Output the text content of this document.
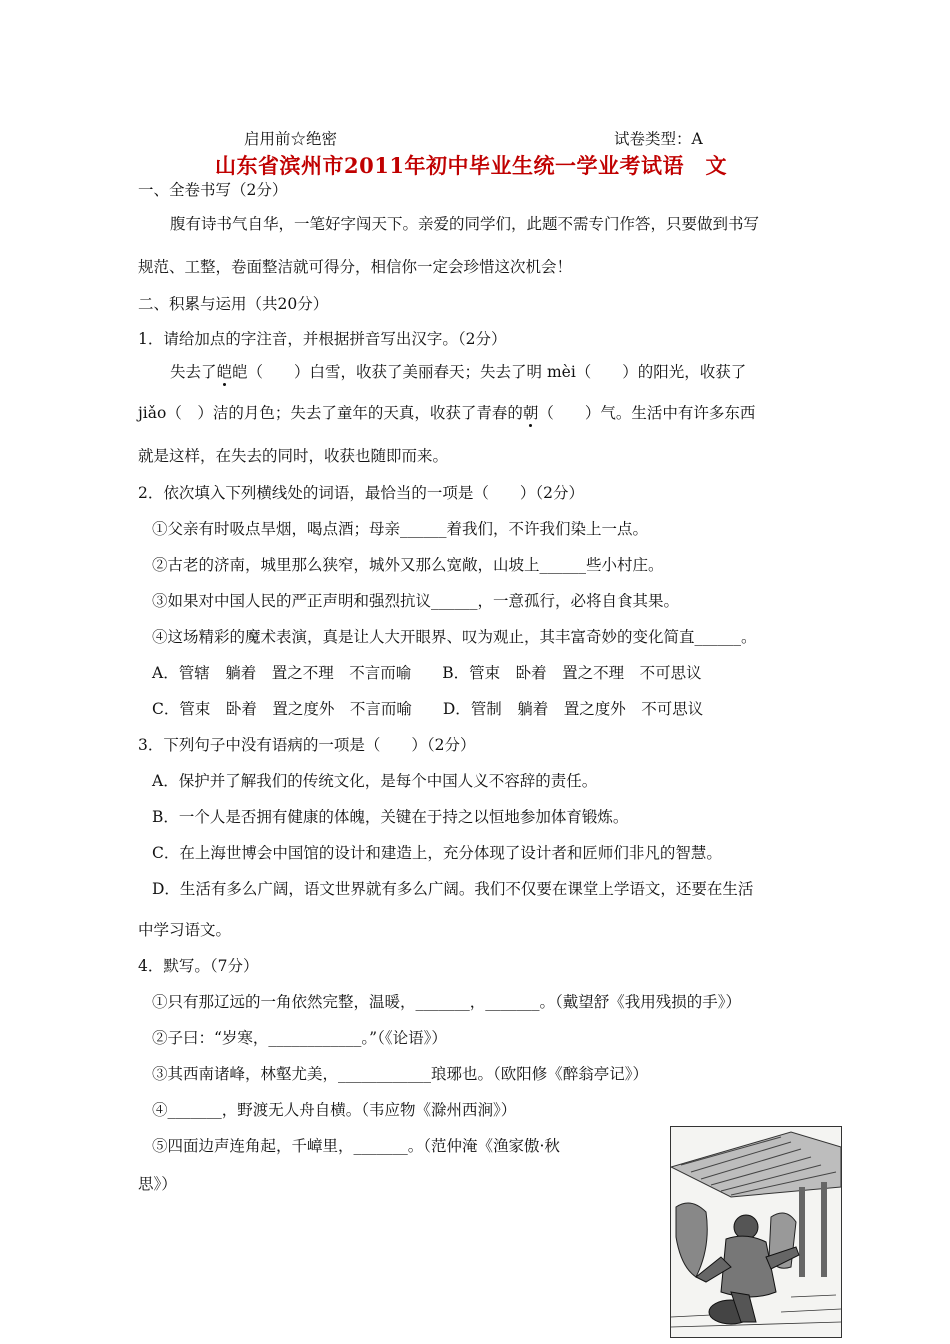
启用前☆绝密	试卷类型：A
山东省滨州市2011年初中毕业生统一学业考试语　文
一、全卷书写（2分）
腹有诗书气自华，一笔好字闯天下。亲爱的同学们，此题不需专门作答，只要做到书写
规范、工整，卷面整洁就可得分，相信你一定会珍惜这次机会！
二、积累与运用（共20分）
1．请给加点的字注音，并根据拼音写出汉字。（2分）
失去了皑皑（　　）白雪，收获了美丽春天；失去了明 mèi（　　）的阳光，收获了
jiǎo（　）洁的月色；失去了童年的天真，收获了青春的朝（　　）气。生活中有许多东西
就是这样，在失去的同时，收获也随即而来。
2．依次填入下列横线处的词语，最恰当的一项是（　　）（2分）
①父亲有时吸点旱烟，喝点酒；母亲______着我们，不许我们染上一点。
②古老的济南，城里那么狭窄，城外又那么宽敞，山坡上______些小村庄。
③如果对中国人民的严正声明和强烈抗议______，一意孤行，必将自食其果。
④这场精彩的魔术表演，真是让人大开眼界、叹为观止，其丰富奇妙的变化简直______。
A．管辖　躺着　置之不理　不言而喻　　B．管束　卧着　置之不理　不可思议
C．管束　卧着　置之度外　不言而喻　　D．管制　躺着　置之度外　不可思议
3．下列句子中没有语病的一项是（　　）（2分）
A．保护并了解我们的传统文化，是每个中国人义不容辞的责任。
B．一个人是否拥有健康的体魄，关键在于持之以恒地参加体育锻炼。
C．在上海世博会中国馆的设计和建造上，充分体现了设计者和匠师们非凡的智慧。
D．生活有多么广阔，语文世界就有多么广阔。我们不仅要在课堂上学语文，还要在生活
中学习语文。
4．默写。（7分）
①只有那辽远的一角依然完整，温暖，_______，_______。（戴望舒《我用残损的手》）
②子曰：“岁寒，____________。”（《论语》）
③其西南诸峰，林壑尤美，____________琅琊也。（欧阳修《醉翁亭记》）
④_______，野渡无人舟自横。（韦应物《滁州西涧》）
⑤四面边声连角起，千嶂里，_______。（范仲淹《渔家傲·秋
思》）
